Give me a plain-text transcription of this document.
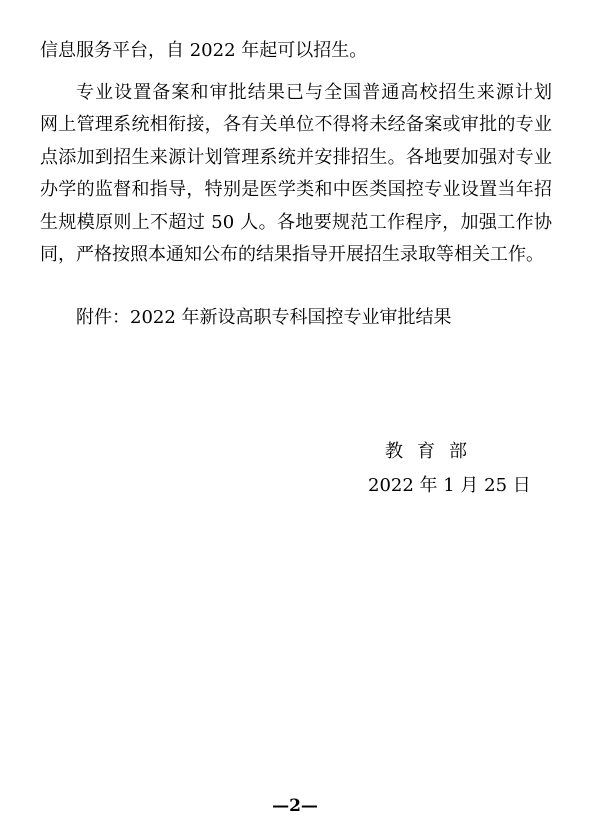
信息服务平台，自 2022 年起可以招生。
专业设置备案和审批结果已与全国普通高校招生来源计划
网上管理系统相衔接，各有关单位不得将未经备案或审批的专业
点添加到招生来源计划管理系统并安排招生。各地要加强对专业
办学的监督和指导，特别是医学类和中医类国控专业设置当年招
生规模原则上不超过 50 人。各地要规范工作程序，加强工作协
同，严格按照本通知公布的结果指导开展招生录取等相关工作。
附件：2022 年新设高职专科国控专业审批结果
教育部
2022 年 1 月 25 日
—2—
